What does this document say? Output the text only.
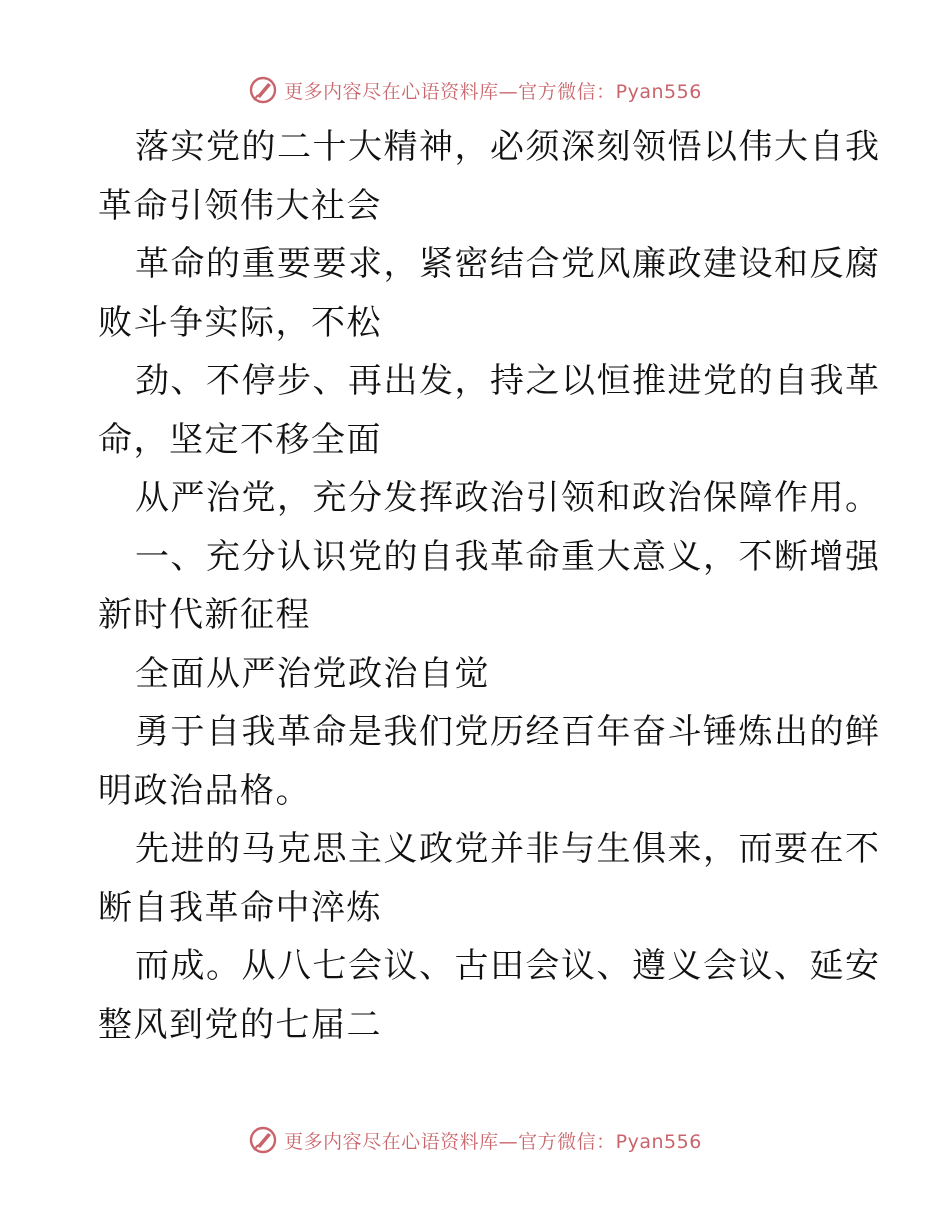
更多内容尽在心语资料库—官方微信：Pyan556
落实党的二十大精神，必须深刻领悟以伟大自我
革命引领伟大社会
革命的重要要求，紧密结合党风廉政建设和反腐
败斗争实际，不松
劲、不停步、再出发，持之以恒推进党的自我革
命，坚定不移全面
从严治党，充分发挥政治引领和政治保障作用。
一、充分认识党的自我革命重大意义，不断增强
新时代新征程
全面从严治党政治自觉
勇于自我革命是我们党历经百年奋斗锤炼出的鲜
明政治品格。
先进的马克思主义政党并非与生俱来，而要在不
断自我革命中淬炼
而成。从八七会议、古田会议、遵义会议、延安
整风到党的七届二
更多内容尽在心语资料库—官方微信：Pyan556
